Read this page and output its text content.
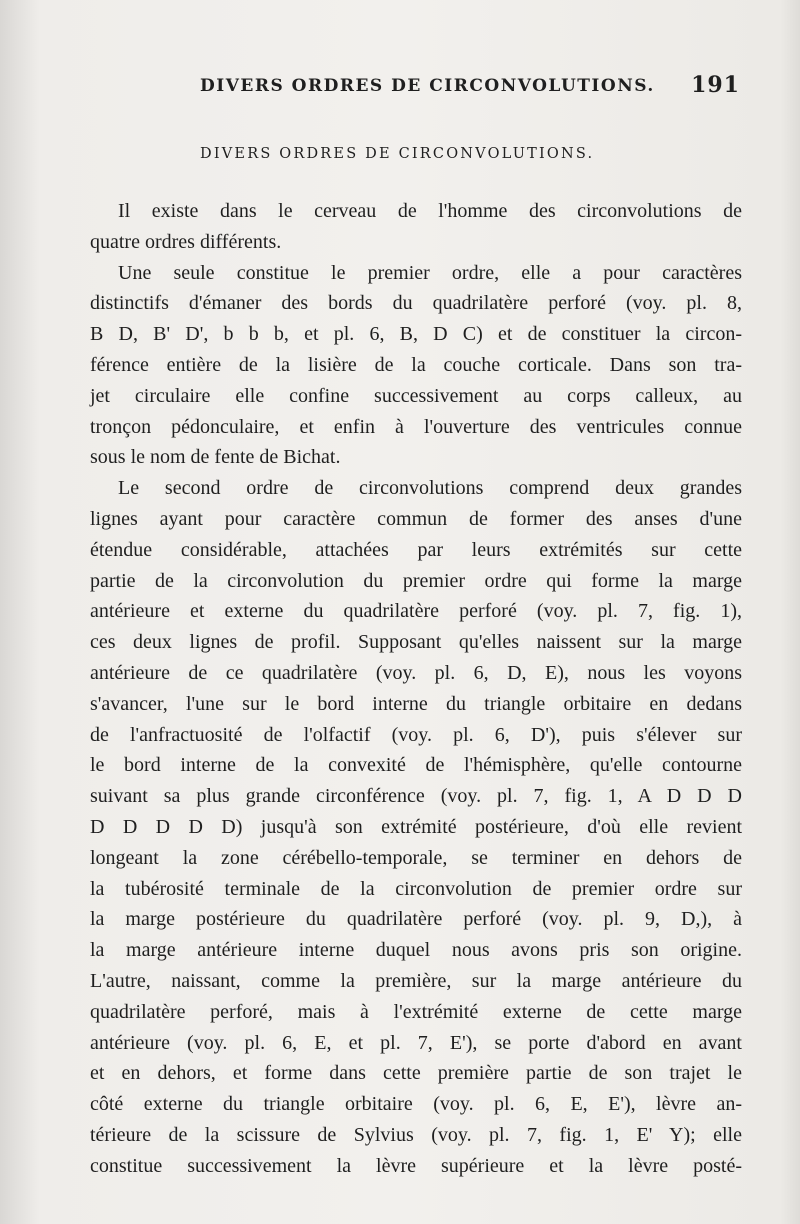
DIVERS ORDRES DE CIRCONVOLUTIONS. 191
DIVERS ORDRES DE CIRCONVOLUTIONS.
Il existe dans le cerveau de l'homme des circonvolutions de
quatre ordres différents.
Une seule constitue le premier ordre, elle a pour caractères
distinctifs d'émaner des bords du quadrilatère perforé (voy. pl. 8,
B D, B' D', b b b, et pl. 6, B, D C) et de constituer la circon-
férence entière de la lisière de la couche corticale. Dans son tra-
jet circulaire elle confine successivement au corps calleux, au
tronçon pédonculaire, et enfin à l'ouverture des ventricules connue
sous le nom de fente de Bichat.
Le second ordre de circonvolutions comprend deux grandes
lignes ayant pour caractère commun de former des anses d'une
étendue considérable, attachées par leurs extrémités sur cette
partie de la circonvolution du premier ordre qui forme la marge
antérieure et externe du quadrilatère perforé (voy. pl. 7, fig. 1),
ces deux lignes de profil. Supposant qu'elles naissent sur la marge
antérieure de ce quadrilatère (voy. pl. 6, D, E), nous les voyons
s'avancer, l'une sur le bord interne du triangle orbitaire en dedans
de l'anfractuosité de l'olfactif (voy. pl. 6, D'), puis s'élever sur
le bord interne de la convexité de l'hémisphère, qu'elle contourne
suivant sa plus grande circonférence (voy. pl. 7, fig. 1, A D D D
D D D D D) jusqu'à son extrémité postérieure, d'où elle revient
longeant la zone cérébello-temporale, se terminer en dehors de
la tubérosité terminale de la circonvolution de premier ordre sur
la marge postérieure du quadrilatère perforé (voy. pl. 9, D,), à
la marge antérieure interne duquel nous avons pris son origine.
L'autre, naissant, comme la première, sur la marge antérieure du
quadrilatère perforé, mais à l'extrémité externe de cette marge
antérieure (voy. pl. 6, E, et pl. 7, E'), se porte d'abord en avant
et en dehors, et forme dans cette première partie de son trajet le
côté externe du triangle orbitaire (voy. pl. 6, E, E'), lèvre an-
térieure de la scissure de Sylvius (voy. pl. 7, fig. 1, E' Y); elle
constitue successivement la lèvre supérieure et la lèvre posté-
